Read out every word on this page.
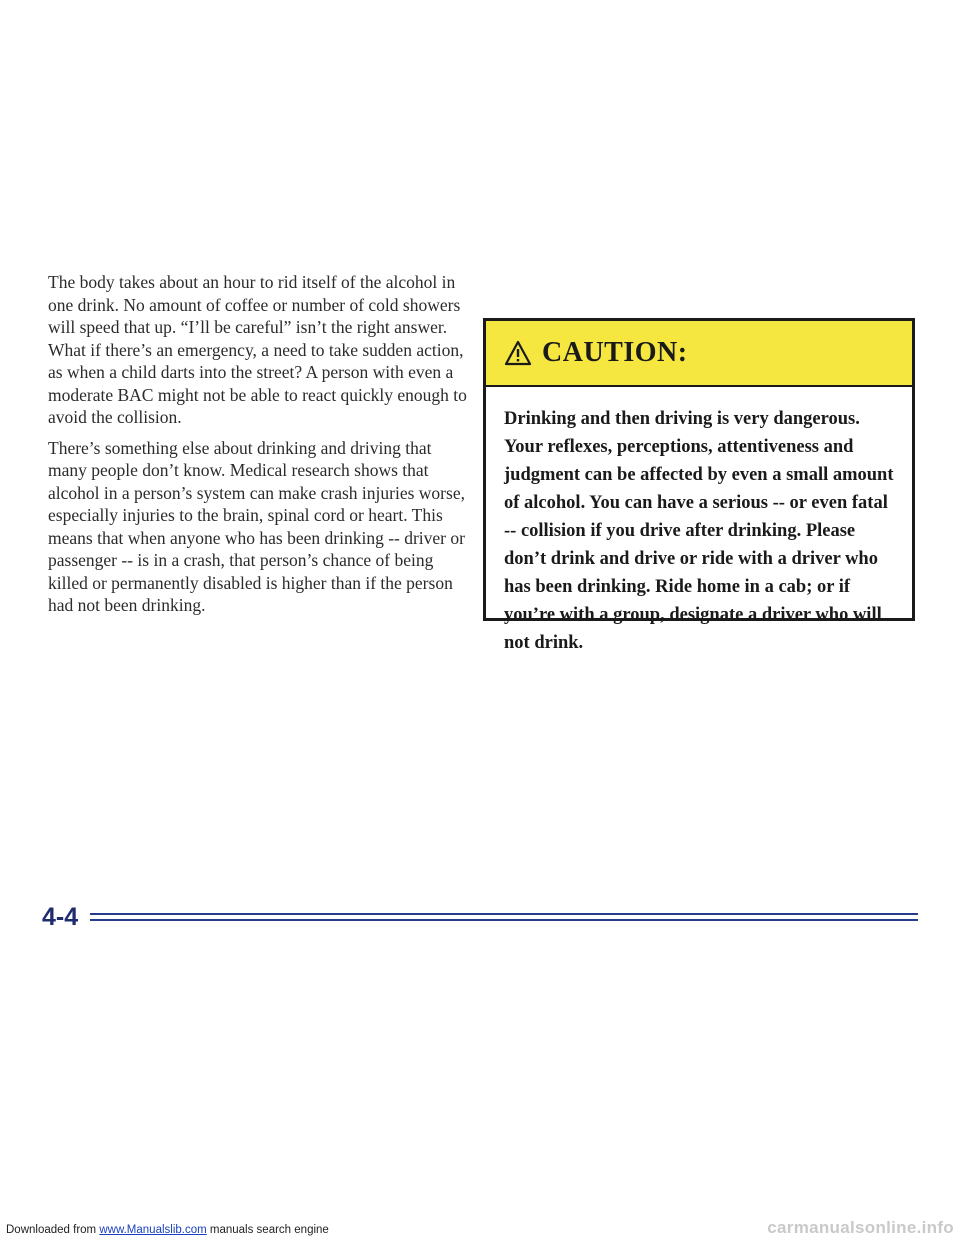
The body takes about an hour to rid itself of the alcohol in one drink. No amount of coffee or number of cold showers will speed that up. “I’ll be careful” isn’t the right answer. What if there’s an emergency, a need to take sudden action, as when a child darts into the street? A person with even a moderate BAC might not be able to react quickly enough to avoid the collision.

There’s something else about drinking and driving that many people don’t know. Medical research shows that alcohol in a person’s system can make crash injuries worse, especially injuries to the brain, spinal cord or heart. This means that when anyone who has been drinking -- driver or passenger -- is in a crash, that person’s chance of being killed or permanently disabled is higher than if the person had not been drinking.

CAUTION:
Drinking and then driving is very dangerous. Your reflexes, perceptions, attentiveness and judgment can be affected by even a small amount of alcohol. You can have a serious -- or even fatal -- collision if you drive after drinking. Please don’t drink and drive or ride with a driver who has been drinking. Ride home in a cab; or if you’re with a group, designate a driver who will not drink.
4-4
Downloaded from www.Manualslib.com manuals search engine	carmanualsonline.info
